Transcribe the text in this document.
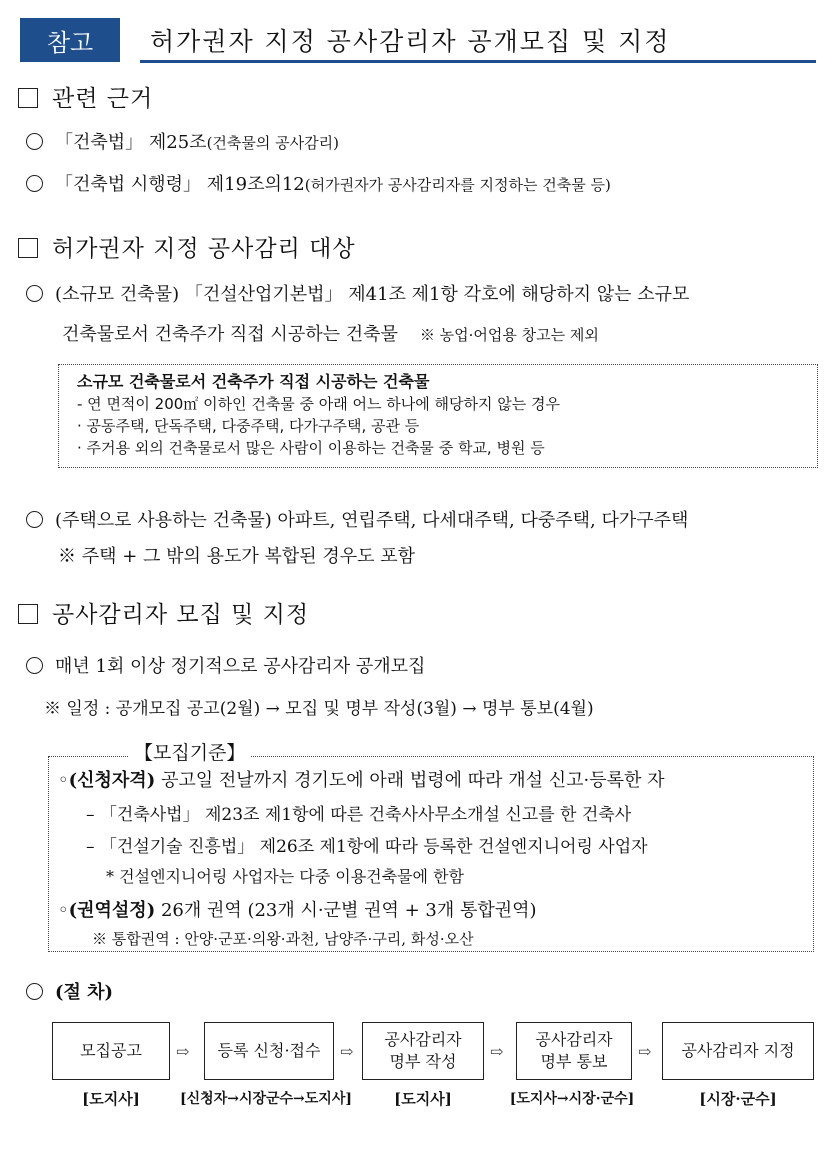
참고	허가권자 지정 공사감리자 공개모집 및 지정
관련 근거
「건축법」 제25조(건축물의 공사감리)
「건축법 시행령」 제19조의12(허가권자가 공사감리자를 지정하는 건축물 등)
허가권자 지정 공사감리 대상
(소규모 건축물) 「건설산업기본법」 제41조 제1항 각호에 해당하지 않는 소규모
건축물로서 건축주가 직접 시공하는 건축물 ※ 농업·어업용 창고는 제외
소규모 건축물로서 건축주가 직접 시공하는 건축물
- 연 면적이 200㎡ 이하인 건축물 중 아래 어느 하나에 해당하지 않는 경우
· 공동주택, 단독주택, 다중주택, 다가구주택, 공관 등
· 주거용 외의 건축물로서 많은 사람이 이용하는 건축물 중 학교, 병원 등
(주택으로 사용하는 건축물) 아파트, 연립주택, 다세대주택, 다중주택, 다가구주택
※ 주택 + 그 밖의 용도가 복합된 경우도 포함
공사감리자 모집 및 지정
매년 1회 이상 정기적으로 공사감리자 공개모집
※ 일정 : 공개모집 공고(2월) → 모집 및 명부 작성(3월) → 명부 통보(4월)
【모집기준】
◦(신청자격) 공고일 전날까지 경기도에 아래 법령에 따라 개설 신고·등록한 자
– 「건축사법」 제23조 제1항에 따른 건축사사무소개설 신고를 한 건축사
– 「건설기술 진흥법」 제26조 제1항에 따라 등록한 건설엔지니어링 사업자
* 건설엔지니어링 사업자는 다중 이용건축물에 한함
◦(권역설정) 26개 권역 (23개 시·군별 권역 + 3개 통합권역)
※ 통합권역 : 안양·군포·의왕·과천, 남양주·구리, 화성·오산
(절 차)
모집공고	⇨	등록 신청·접수	⇨
공사감리자
명부 작성
⇨
공사감리자
명부 통보
⇨	공사감리자 지정
[도지사]	[신청자→시장군수→도지사]	[도지사]	[도지사→시장·군수]	[시장·군수]
